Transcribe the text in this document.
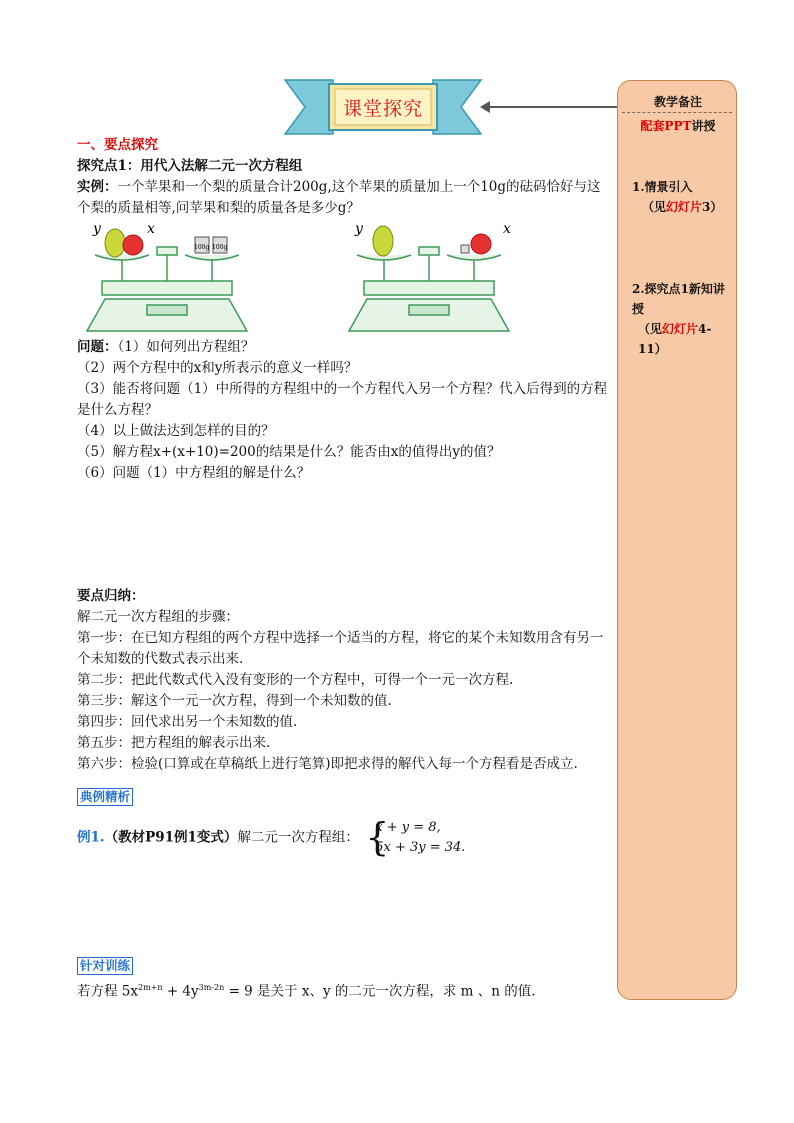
课堂探究	教学备注
配套PPT讲授
1.情景引入
（见幻灯片3）
2.探究点1新知讲授
（见幻灯片4-11）
一、要点探究
探究点1：用代入法解二元一次方程组
实例：一个苹果和一个梨的质量合计200g,这个苹果的质量加上一个10g的砝码恰好与这个梨的质量相等,问苹果和梨的质量各是多少g？
y	x
100g 100g
y	x
问题：（1）如何列出方程组？
（2）两个方程中的x和y所表示的意义一样吗？
（3）能否将问题（1）中所得的方程组中的一个方程代入另一个方程？代入后得到的方程是什么方程？
（4）以上做法达到怎样的目的？
（5）解方程x+(x+10)=200的结果是什么？能否由x的值得出y的值？
（6）问题（1）中方程组的解是什么？
要点归纳：
解二元一次方程组的步骤：
第一步：在已知方程组的两个方程中选择一个适当的方程，将它的某个未知数用含有另一个未知数的代数式表示出来.
第二步：把此代数式代入没有变形的一个方程中，可得一个一元一次方程.
第三步：解这个一元一次方程，得到一个未知数的值.
第四步：回代求出另一个未知数的值.
第五步：把方程组的解表示出来.
第六步：检验(口算或在草稿纸上进行笔算)即把求得的解代入每一个方程看是否成立.
典例精析
例1.（教材P91例1变式）解二元一次方程组： {
x + y = 8,
5x + 3y = 34.
针对训练
若方程 $5x^{2m+n} + 4y^{3m-2n} = 9$ 是关于 x、y 的二元一次方程，求 m 、n 的值.
